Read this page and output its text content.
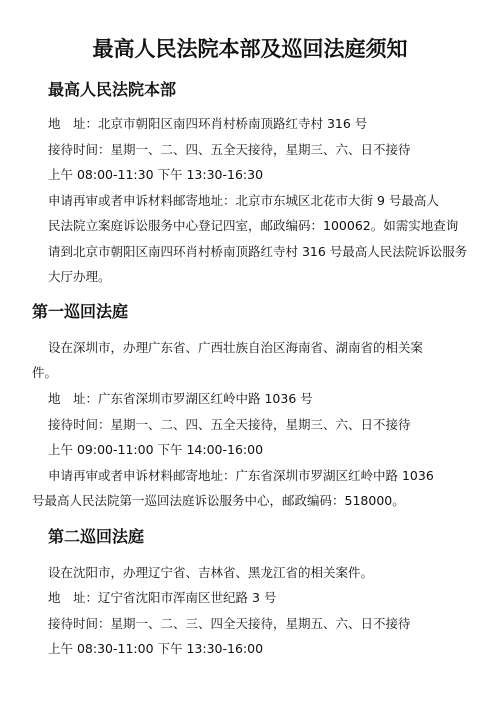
最高人民法院本部及巡回法庭须知
最高人民法院本部
地　址：北京市朝阳区南四环肖村桥南顶路红寺村 316 号
接待时间：星期一、二、四、五全天接待，星期三、六、日不接待
上午 08:00-11:30 下午 13:30-16:30
申请再审或者申诉材料邮寄地址：北京市东城区北花市大街 9 号最高人
民法院立案庭诉讼服务中心登记四室，邮政编码：100062。如需实地查询
请到北京市朝阳区南四环肖村桥南顶路红寺村 316 号最高人民法院诉讼服务
大厅办理。
第一巡回法庭
设在深圳市，办理广东省、广西壮族自治区海南省、湖南省的相关案
件。
地　址：广东省深圳市罗湖区红岭中路 1036 号
接待时间：星期一、二、四、五全天接待，星期三、六、日不接待
上午 09:00-11:00 下午 14:00-16:00
申请再审或者申诉材料邮寄地址：广东省深圳市罗湖区红岭中路 1036
号最高人民法院第一巡回法庭诉讼服务中心，邮政编码：518000。
第二巡回法庭
设在沈阳市，办理辽宁省、吉林省、黑龙江省的相关案件。
地　址：辽宁省沈阳市浑南区世纪路 3 号
接待时间：星期一、二、三、四全天接待，星期五、六、日不接待
上午 08:30-11:00 下午 13:30-16:00
